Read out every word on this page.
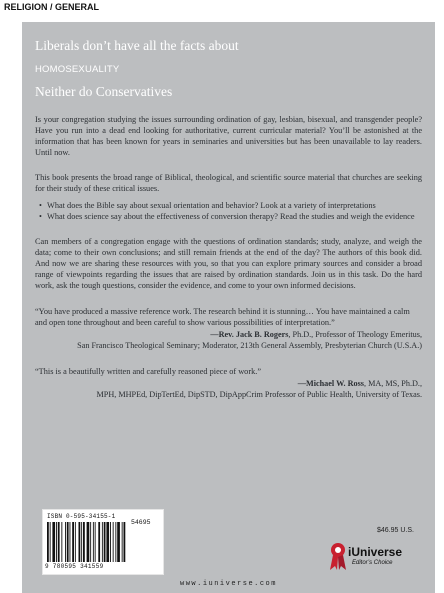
RELIGION / GENERAL
Liberals don’t have all the facts about
HOMOSEXUALITY
Neither do Conservatives

Is your congregation studying the issues surrounding ordination of gay, lesbian, bisexual, and transgender people? Have you run into a dead end looking for authoritative, current curricular material? You’ll be astonished at the information that has been known for years in seminaries and universities but has been unavailable to lay readers. Until now.

This book presents the broad range of Biblical, theological, and scientific source material that churches are seeking for their study of these critical issues.

• What does the Bible say about sexual orientation and behavior? Look at a variety of interpretations
• What does science say about the effectiveness of conversion therapy? Read the studies and weigh the evidence

Can members of a congregation engage with the questions of ordination standards; study, analyze, and weigh the data; come to their own conclusions; and still remain friends at the end of the day? The authors of this book did. And now we are sharing these resources with you, so that you can explore primary sources and consider a broad range of viewpoints regarding the issues that are raised by ordination standards. Join us in this task. Do the hard work, ask the tough questions, consider the evidence, and come to your own informed decisions.

“You have produced a massive reference work. The research behind it is stunning… You have maintained a calm and open tone throughout and been careful to show various possibilities of interpretation.”
—Rev. Jack B. Rogers, Ph.D., Professor of Theology Emeritus,
San Francisco Theological Seminary; Moderator, 213th General Assembly, Presbyterian Church (U.S.A.)
“This is a beautifully written and carefully reasoned piece of work.”
—Michael W. Ross, MA, MS, Ph.D.,
MPH, MHPEd, DipTertEd, DipSTD, DipAppCrim Professor of Public Health, University of Texas.
ISBN 0-595-34155-1
54695
9 780595 341559
$46.95 U.S.
iUniverse
Editor’s Choice
www.iuniverse.com
